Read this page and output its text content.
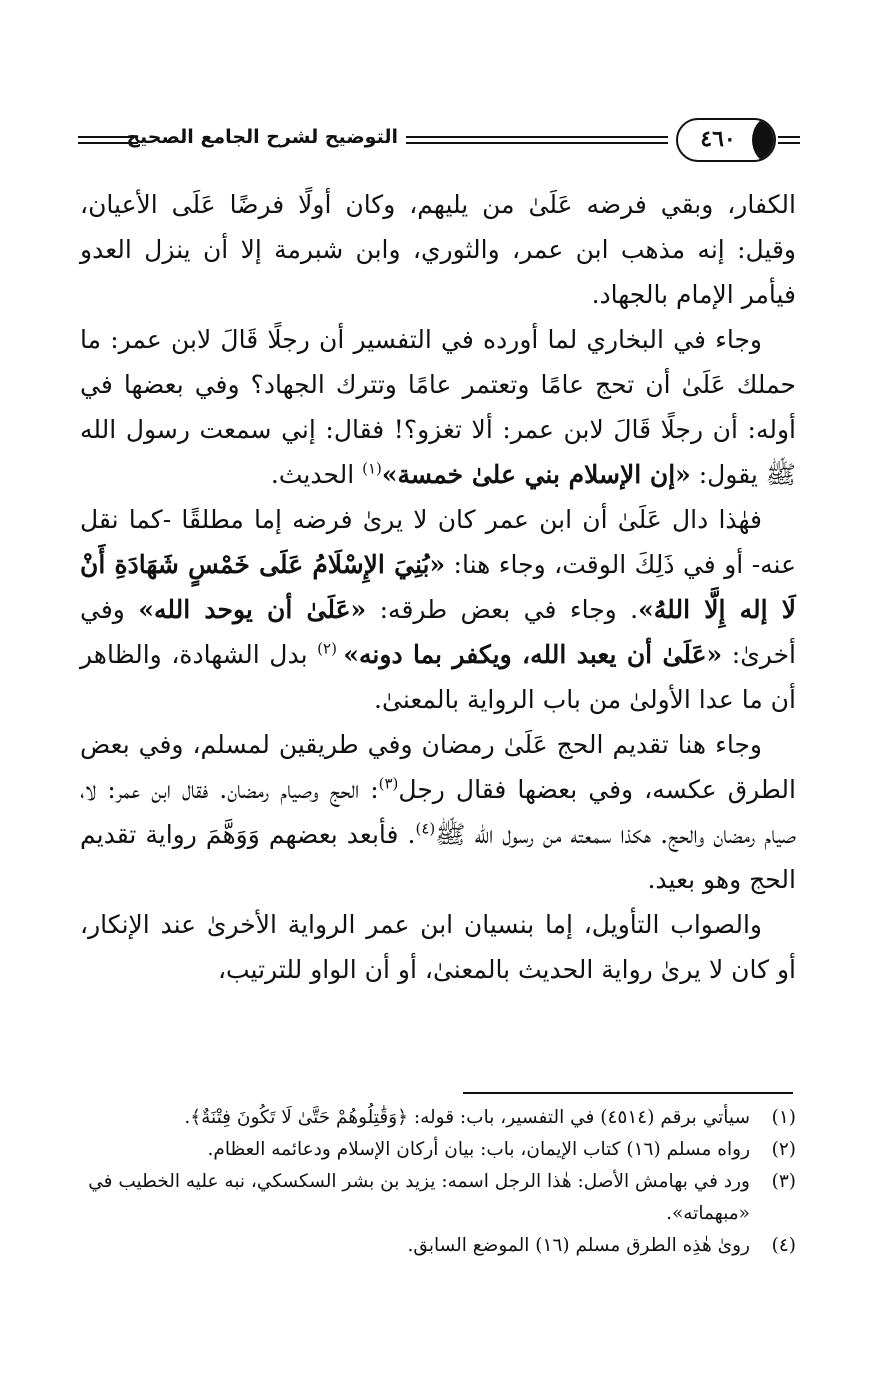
التوضيح لشرح الجامع الصحيح	٤٦٠

الكفار، وبقي فرضه عَلَىٰ من يليهم، وكان أولًا فرضًا عَلَى الأعيان، وقيل: إنه مذهب ابن عمر، والثوري، وابن شبرمة إلا أن ينزل العدو فيأمر الإمام بالجهاد.

وجاء في البخاري لما أورده في التفسير أن رجلًا قَالَ لابن عمر: ما حملك عَلَىٰ أن تحج عامًا وتعتمر عامًا وتترك الجهاد؟ وفي بعضها في أوله: أن رجلًا قَالَ لابن عمر: ألا تغزو؟! فقال: إني سمعت رسول الله ﷺ يقول: «إن الإسلام بني علىٰ خمسة»$^{(١)}$ الحديث.

فهٰذا دال عَلَىٰ أن ابن عمر كان لا يرىٰ فرضه إما مطلقًا -كما نقل عنه- أو في ذَلِكَ الوقت، وجاء هنا: «بُنِيَ الإِسْلَامُ عَلَى خَمْسٍ شَهَادَةِ أَنْ لَا إله إِلَّا اللهُ». وجاء في بعض طرقه: «عَلَىٰ أن يوحد الله» وفي أخرىٰ: «عَلَىٰ أن يعبد الله، ويكفر بما دونه» $^{(٢)}$ بدل الشهادة، والظاهر أن ما عدا الأولىٰ من باب الرواية بالمعنىٰ.

وجاء هنا تقديم الحج عَلَىٰ رمضان وفي طريقين لمسلم، وفي بعض الطرق عكسه، وفي بعضها فقال رجل$^{(٣)}$: الحج وصيام رمضان. فقال ابن عمر: لا، صيام رمضان والحج. هكذا سمعته من رسول الله ﷺ$^{(٤)}$. فأبعد بعضهم وَوَهَّمَ رواية تقديم الحج وهو بعيد.

والصواب التأويل، إما بنسيان ابن عمر الرواية الأخرىٰ عند الإنكار، أو كان لا يرىٰ رواية الحديث بالمعنىٰ، أو أن الواو للترتيب،

(١)
سيأتي برقم (٤٥١٤) في التفسير، باب: قوله: ﴿وَقَٰتِلُوهُمْ حَتَّىٰ لَا تَكُونَ فِتْنَةٌ﴾.

(٢)
رواه مسلم (١٦) كتاب الإيمان، باب: بيان أركان الإسلام ودعائمه العظام.

(٣)
ورد في بهامش الأصل: هٰذا الرجل اسمه: يزيد بن بشر السكسكي، نبه عليه الخطيب في «مبهماته».

(٤)
روىٰ هٰذِه الطرق مسلم (١٦) الموضع السابق.
